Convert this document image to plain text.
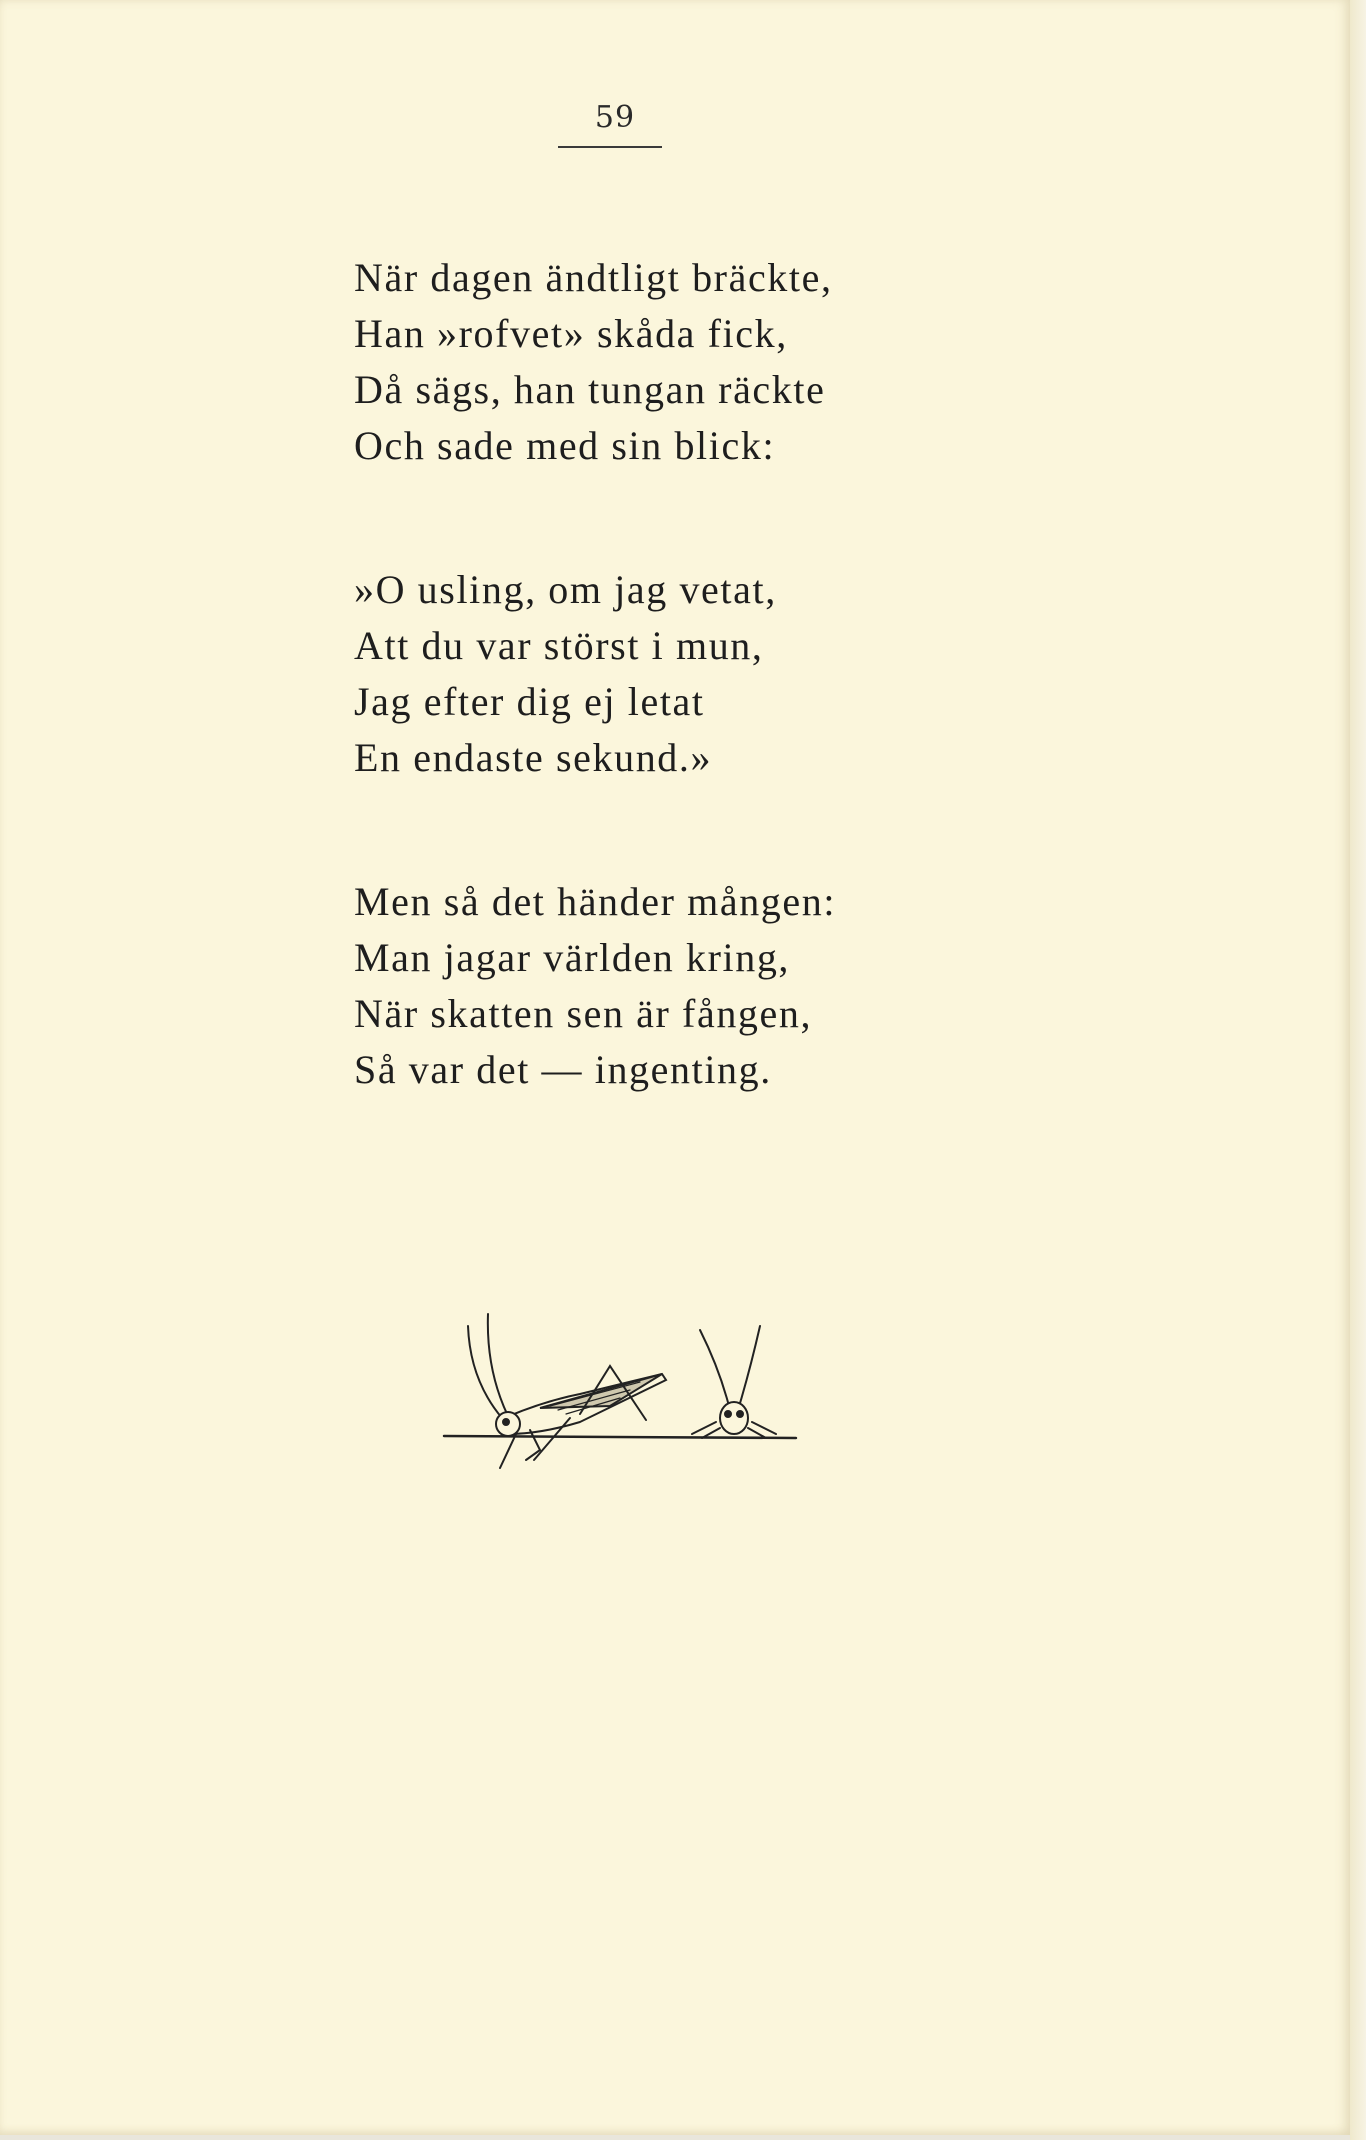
59
När dagen ändtligt bräckte,
Han »rofvet» skåda fick,
Då sägs, han tungan räckte
Och sade med sin blick:
»O usling, om jag vetat,
Att du var störst i mun,
Jag efter dig ej letat
En endaste sekund.»
Men så det händer mången:
Man jagar världen kring,
När skatten sen är fången,
Så var det — ingenting.
